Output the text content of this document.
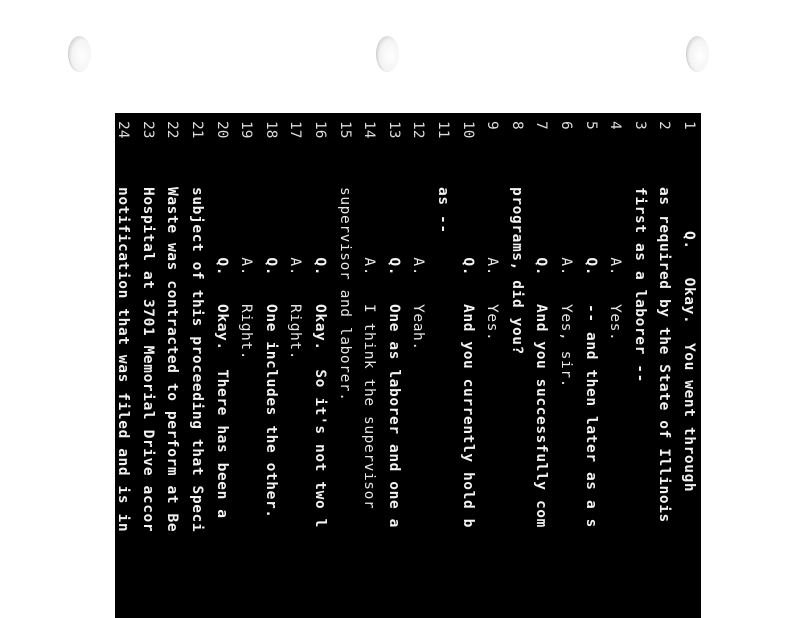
1
Q.   Okay.  You went through
2
as required by the State of Illinois
3
first as a laborer --
4
A.   Yes.
5
Q.   -- and then later as a s
6
A.   Yes, sir.
7
Q.   And you successfully com
8
programs, did you?
9
A.   Yes.
10
Q.   And you currently hold b
11
as --
12
A.   Yeah.
13
Q.   One as laborer and one a
14
A.   I think the supervisor
15
supervisor and laborer.
16
Q.   Okay.  So it's not two l
17
A.   Right.
18
Q.   One includes the other.
19
A.   Right.
20
Q.   Okay.  There has been a
21
subject of this proceeding that Speci
22
Waste was contracted to perform at Be
23
Hospital at 3701 Memorial Drive accor
24
notification that was filed and is in
